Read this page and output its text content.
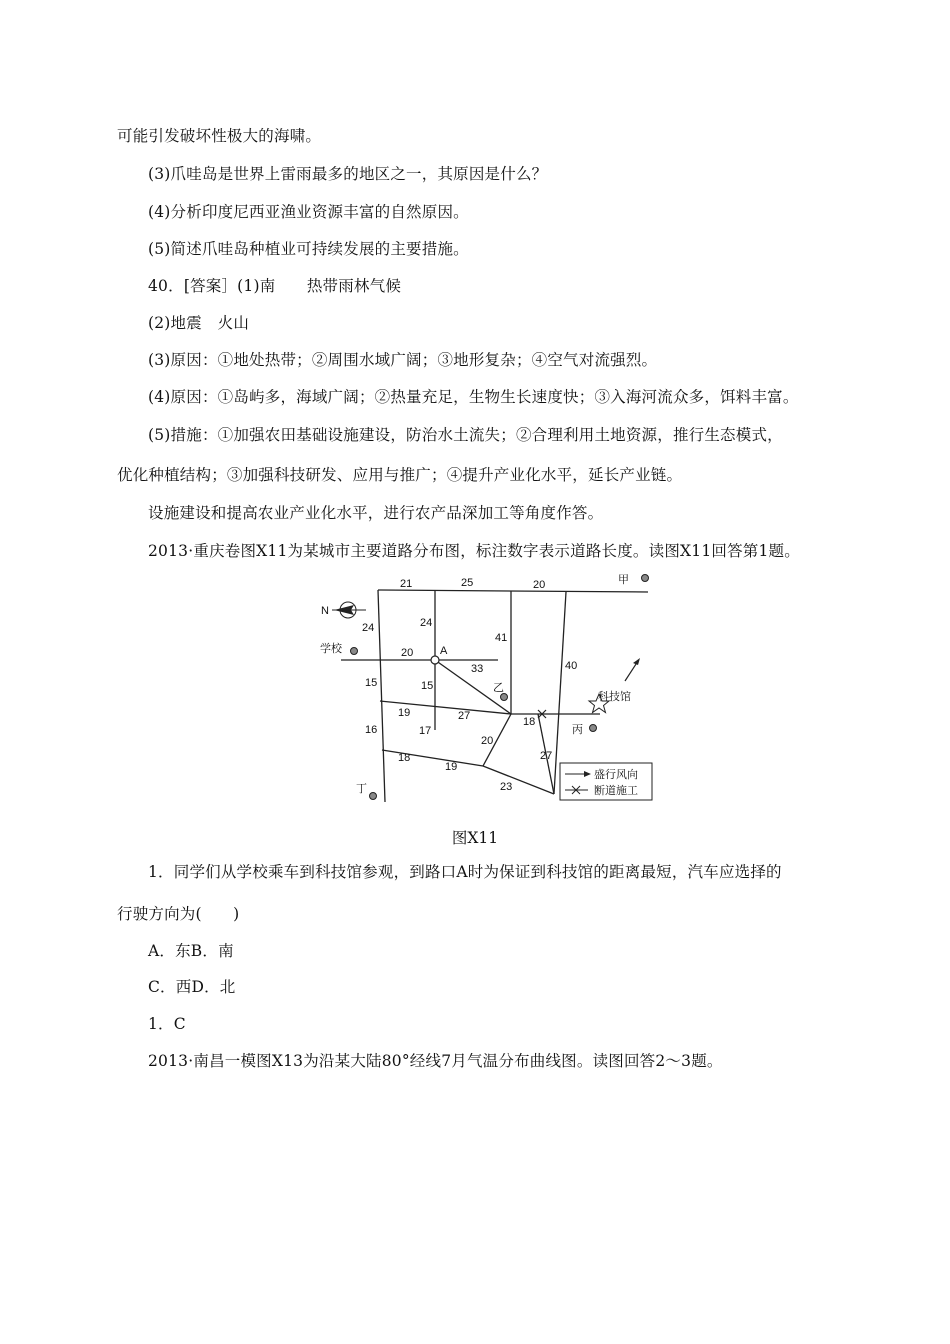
可能引发破坏性极大的海啸。
(3)爪哇岛是世界上雷雨最多的地区之一，其原因是什么？
(4)分析印度尼西亚渔业资源丰富的自然原因。
(5)简述爪哇岛种植业可持续发展的主要措施。
40．[答案］(1)南　　热带雨林气候
(2)地震　火山
(3)原因：①地处热带；②周围水域广阔；③地形复杂；④空气对流强烈。
(4)原因：①岛屿多，海域广阔；②热量充足，生物生长速度快；③入海河流众多，饵料丰富。
(5)措施：①加强农田基础设施建设，防治水土流失；②合理利用土地资源，推行生态模式，
优化种植结构；③加强科技研发、应用与推广；④提升产业化水平，延长产业链。
设施建设和提高农业产业化水平，进行农产品深加工等角度作答。
2013·重庆卷图X11为某城市主要道路分布图，标注数字表示道路长度。读图X11回答第1题。
N
A
甲
学校
乙
科技馆
丙
丁
21	25	20
24	24
41
20
33	40
15	15
19	27	18
16	17
20
27
18
19
23
盛行风向
断道施工
图X11
1．同学们从学校乘车到科技馆参观，到路口A时为保证到科技馆的距离最短，汽车应选择的
行驶方向为(　　)
A．东B．南
C．西D．北
1．C
2013·南昌一模图X13为沿某大陆80°经线7月气温分布曲线图。读图回答2～3题。
